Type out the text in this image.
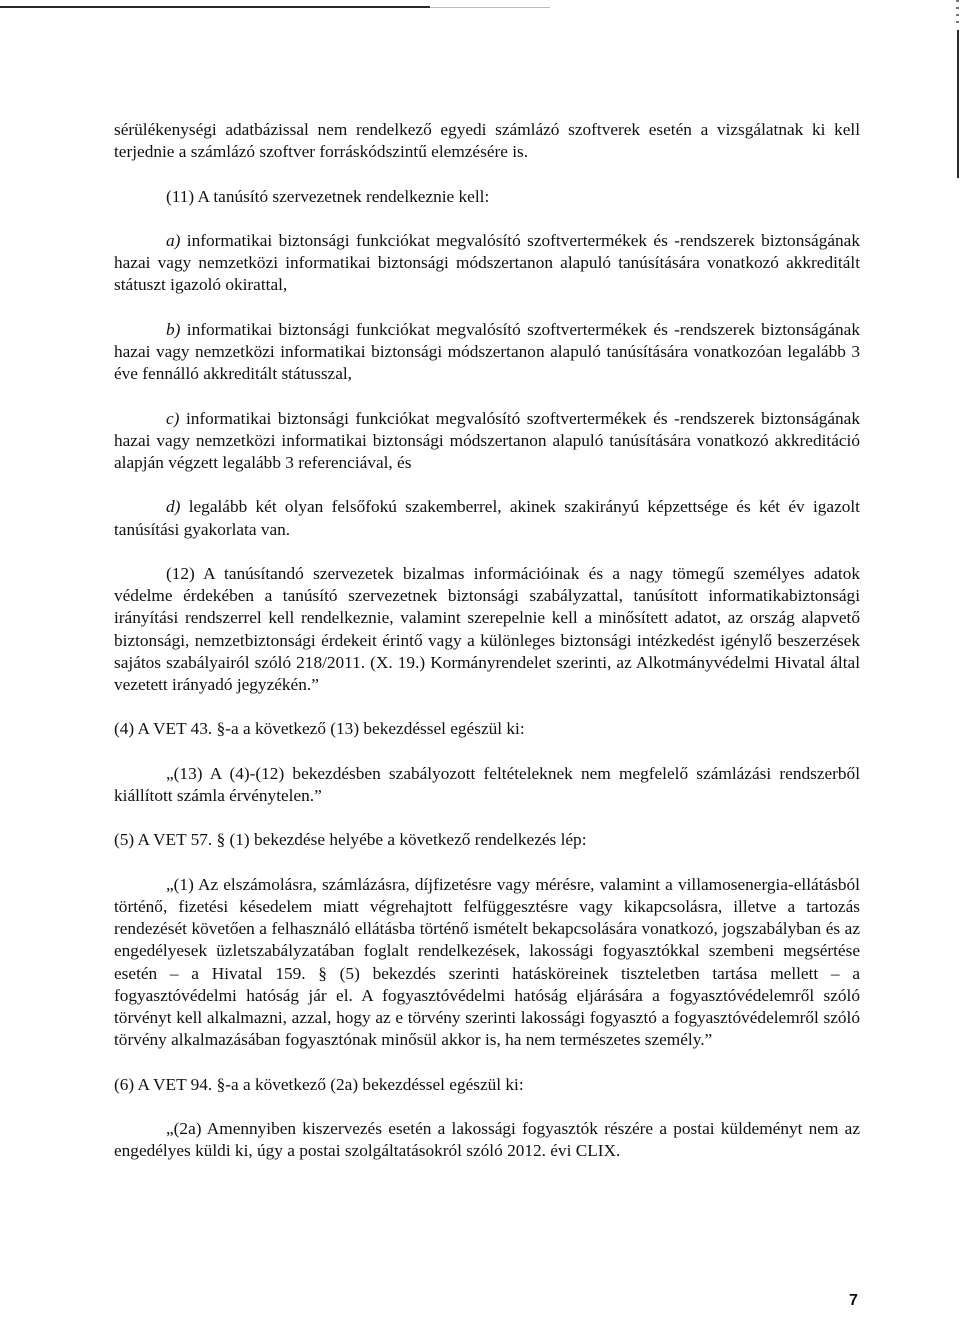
sérülékenységi adatbázissal nem rendelkező egyedi számlázó szoftverek esetén a vizsgálatnak ki kell terjednie a számlázó szoftver forráskódszintű elemzésére is.

(11) A tanúsító szervezetnek rendelkeznie kell:

a) informatikai biztonsági funkciókat megvalósító szoftvertermékek és -rendszerek biztonságának hazai vagy nemzetközi informatikai biztonsági módszertanon alapuló tanúsítására vonatkozó akkreditált státuszt igazoló okirattal,

b) informatikai biztonsági funkciókat megvalósító szoftvertermékek és -rendszerek biztonságának hazai vagy nemzetközi informatikai biztonsági módszertanon alapuló tanúsítására vonatkozóan legalább 3 éve fennálló akkreditált státusszal,

c) informatikai biztonsági funkciókat megvalósító szoftvertermékek és -rendszerek biztonságának hazai vagy nemzetközi informatikai biztonsági módszertanon alapuló tanúsítására vonatkozó akkreditáció alapján végzett legalább 3 referenciával, és

d) legalább két olyan felsőfokú szakemberrel, akinek szakirányú képzettsége és két év igazolt tanúsítási gyakorlata van.

(12) A tanúsítandó szervezetek bizalmas információinak és a nagy tömegű személyes adatok védelme érdekében a tanúsító szervezetnek biztonsági szabályzattal, tanúsított informatikabiztonsági irányítási rendszerrel kell rendelkeznie, valamint szerepelnie kell a minősített adatot, az ország alapvető biztonsági, nemzetbiztonsági érdekeit érintő vagy a különleges biztonsági intézkedést igénylő beszerzések sajátos szabályairól szóló 218/2011. (X. 19.) Kormányrendelet szerinti, az Alkotmányvédelmi Hivatal által vezetett irányadó jegyzékén.”

(4) A VET 43. §-a a következő (13) bekezdéssel egészül ki:

„(13) A (4)-(12) bekezdésben szabályozott feltételeknek nem megfelelő számlázási rendszerből kiállított számla érvénytelen.”

(5) A VET 57. § (1) bekezdése helyébe a következő rendelkezés lép:

„(1) Az elszámolásra, számlázásra, díjfizetésre vagy mérésre, valamint a villamosenergia-ellátásból történő, fizetési késedelem miatt végrehajtott felfüggesztésre vagy kikapcsolásra, illetve a tartozás rendezését követően a felhasználó ellátásba történő ismételt bekapcsolására vonatkozó, jogszabályban és az engedélyesek üzletszabályzatában foglalt rendelkezések, lakossági fogyasztókkal szembeni megsértése esetén – a Hivatal 159. § (5) bekezdés szerinti hatásköreinek tiszteletben tartása mellett – a fogyasztóvédelmi hatóság jár el. A fogyasztóvédelmi hatóság eljárására a fogyasztóvédelemről szóló törvényt kell alkalmazni, azzal, hogy az e törvény szerinti lakossági fogyasztó a fogyasztóvédelemről szóló törvény alkalmazásában fogyasztónak minősül akkor is, ha nem természetes személy.”

(6) A VET 94. §-a a következő (2a) bekezdéssel egészül ki:

„(2a) Amennyiben kiszervezés esetén a lakossági fogyasztók részére a postai küldeményt nem az engedélyes küldi ki, úgy a postai szolgáltatásokról szóló 2012. évi CLIX.

7
